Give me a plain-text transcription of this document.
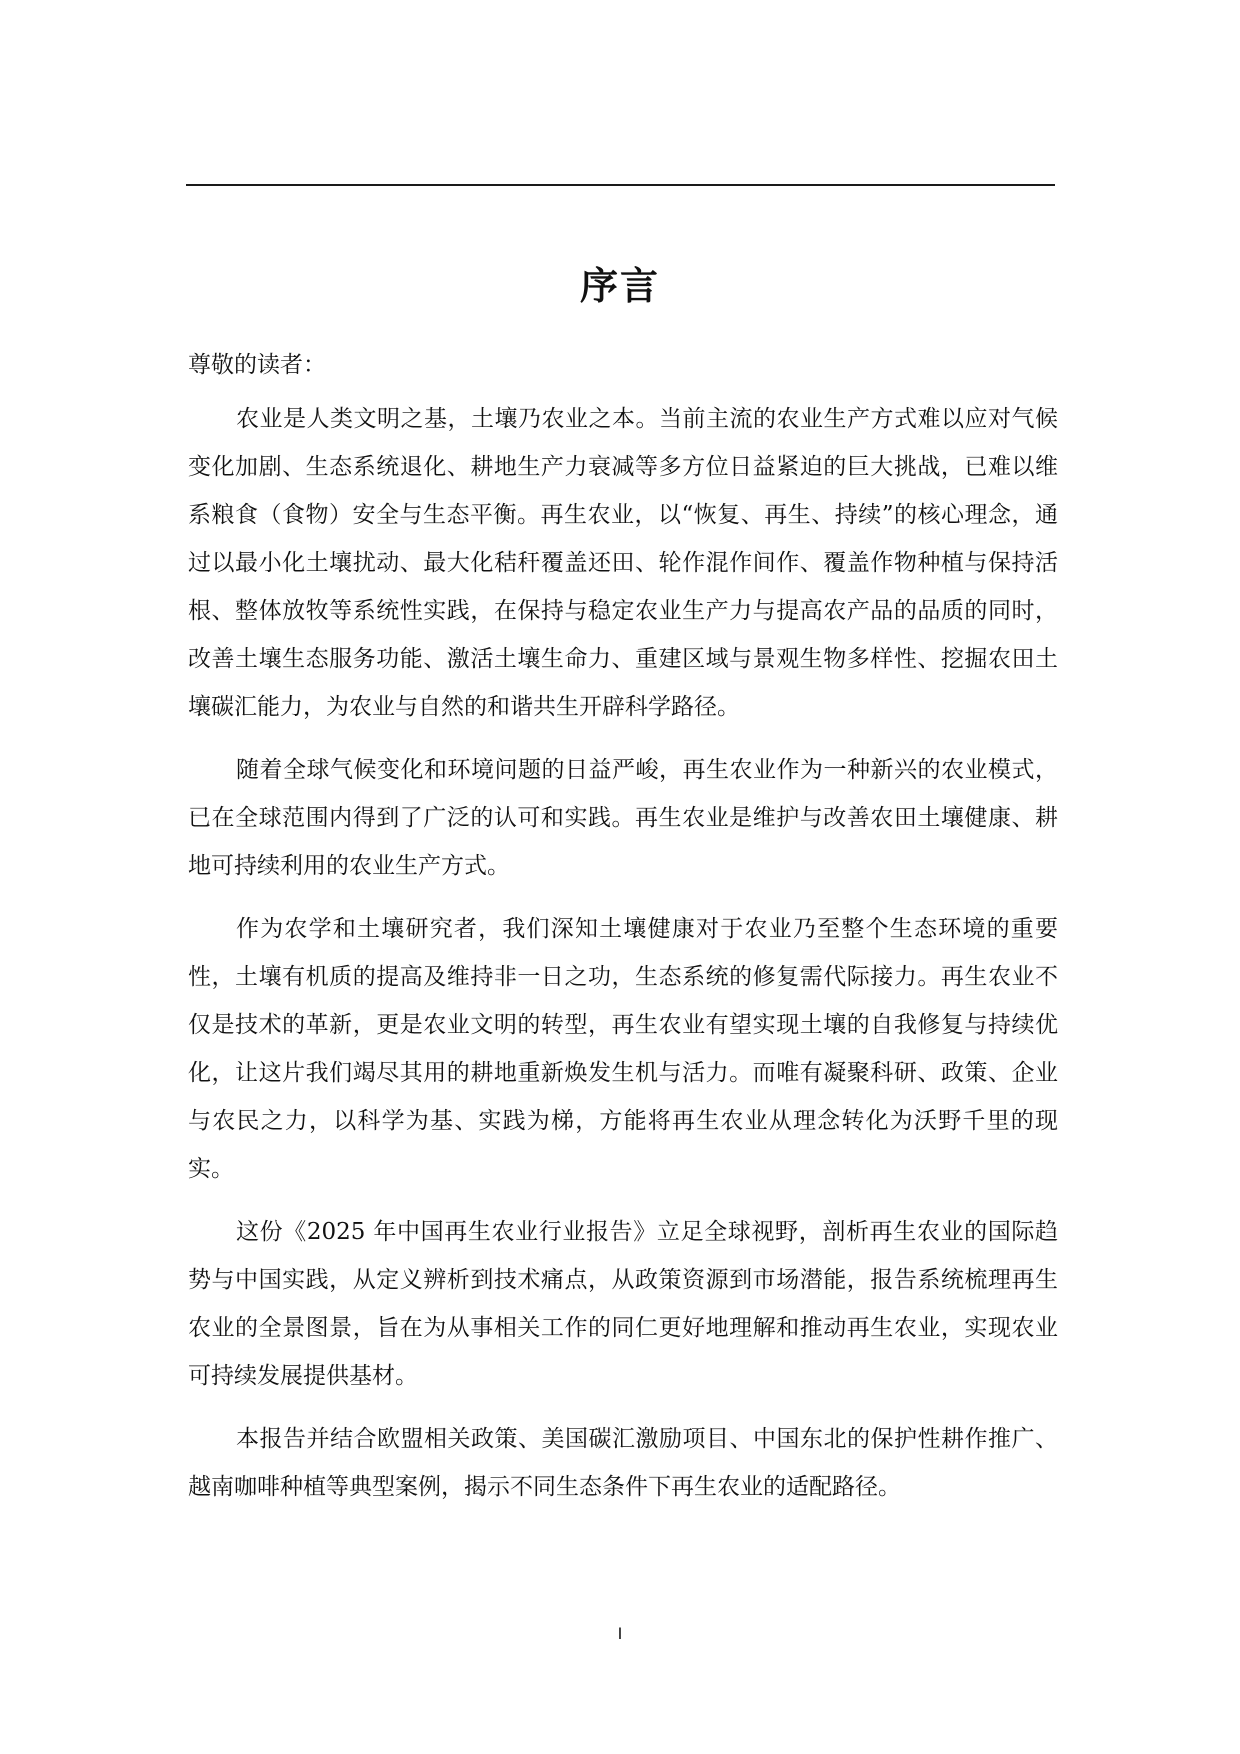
序言
尊敬的读者：

农业是人类文明之基，土壤乃农业之本。当前主流的农业生产方式难以应对气候变化加剧、生态系统退化、耕地生产力衰减等多方位日益紧迫的巨大挑战，已难以维系粮食（食物）安全与生态平衡。再生农业，以“恢复、再生、持续”的核心理念，通过以最小化土壤扰动、最大化秸秆覆盖还田、轮作混作间作、覆盖作物种植与保持活根、整体放牧等系统性实践，在保持与稳定农业生产力与提高农产品的品质的同时，改善土壤生态服务功能、激活土壤生命力、重建区域与景观生物多样性、挖掘农田土壤碳汇能力，为农业与自然的和谐共生开辟科学路径。

随着全球气候变化和环境问题的日益严峻，再生农业作为一种新兴的农业模式，已在全球范围内得到了广泛的认可和实践。再生农业是维护与改善农田土壤健康、耕地可持续利用的农业生产方式。

作为农学和土壤研究者，我们深知土壤健康对于农业乃至整个生态环境的重要性，土壤有机质的提高及维持非一日之功，生态系统的修复需代际接力。再生农业不仅是技术的革新，更是农业文明的转型，再生农业有望实现土壤的自我修复与持续优化，让这片我们竭尽其用的耕地重新焕发生机与活力。而唯有凝聚科研、政策、企业与农民之力，以科学为基、实践为梯，方能将再生农业从理念转化为沃野千里的现实。

这份《2025 年中国再生农业行业报告》立足全球视野，剖析再生农业的国际趋势与中国实践，从定义辨析到技术痛点，从政策资源到市场潜能，报告系统梳理再生农业的全景图景，旨在为从事相关工作的同仁更好地理解和推动再生农业，实现农业可持续发展提供基材。

本报告并结合欧盟相关政策、美国碳汇激励项目、中国东北的保护性耕作推广、越南咖啡种植等典型案例，揭示不同生态条件下再生农业的适配路径。

I
